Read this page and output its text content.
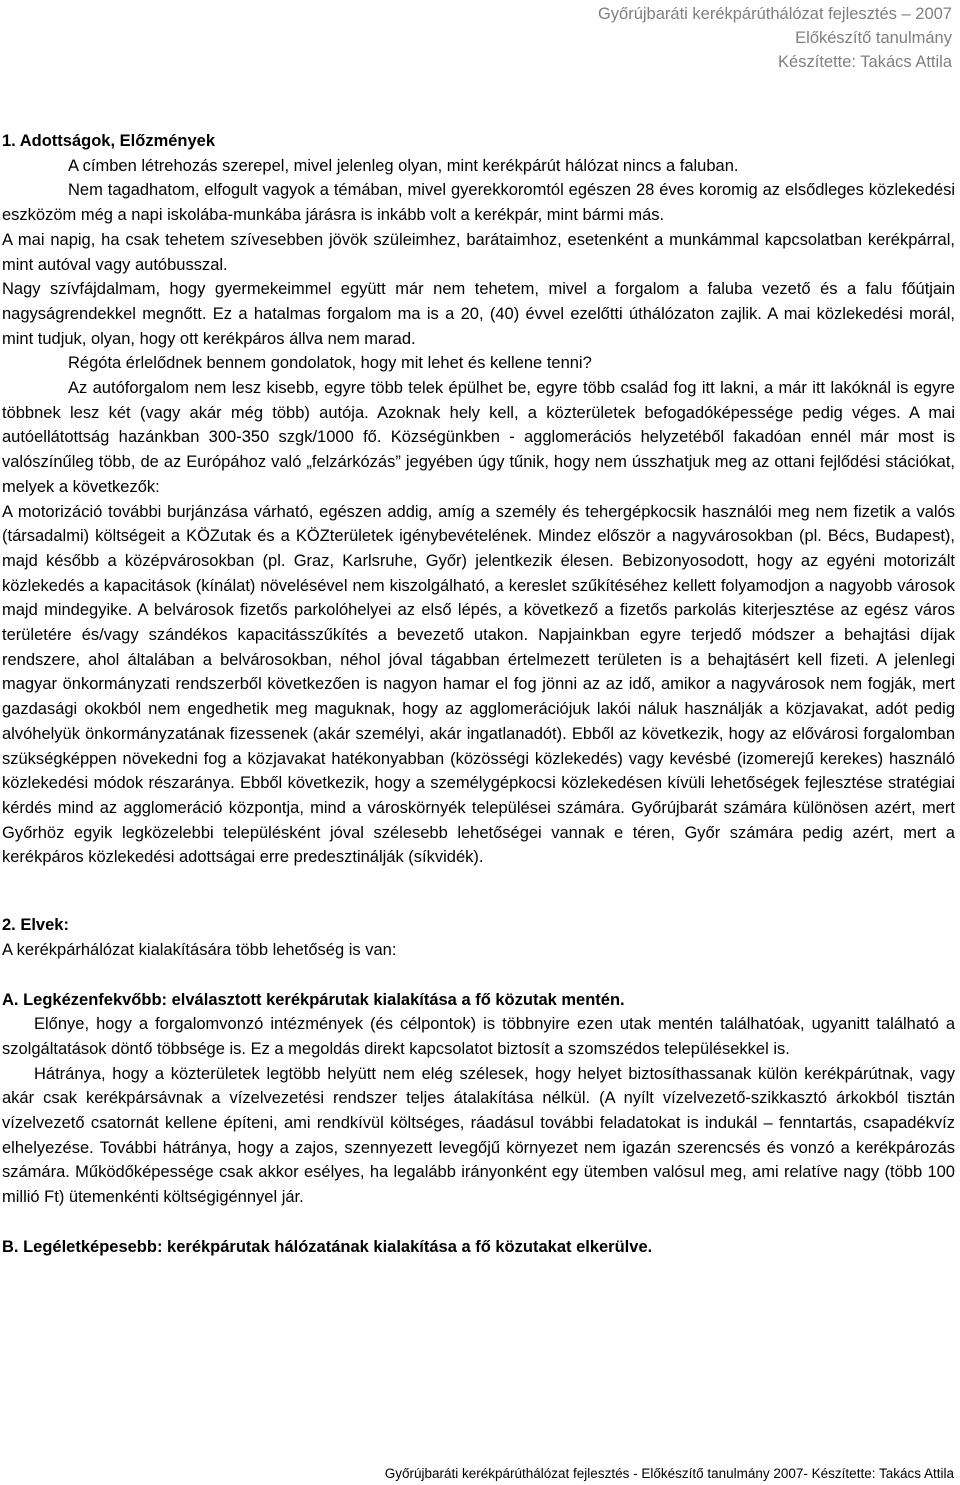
Győrújbaráti kerékpárúthálózat fejlesztés – 2007
Előkészítő tanulmány
Készítette: Takács Attila

1. Adottságok, Előzmények

A címben létrehozás szerepel, mivel jelenleg olyan, mint kerékpárút hálózat nincs a faluban.

Nem tagadhatom, elfogult vagyok a témában, mivel gyerekkoromtól egészen 28 éves koromig az elsődleges közlekedési eszközöm még a napi iskolába-munkába járásra is inkább volt a kerékpár, mint bármi más.

A mai napig, ha csak tehetem szívesebben jövök szüleimhez, barátaimhoz, esetenként a munkámmal kapcsolatban kerékpárral, mint autóval vagy autóbusszal.

Nagy szívfájdalmam, hogy gyermekeimmel együtt már nem tehetem, mivel a forgalom a faluba vezető és a falu főútjain nagyságrendekkel megnőtt. Ez a hatalmas forgalom ma is a 20, (40) évvel ezelőtti úthálózaton zajlik. A mai közlekedési morál, mint tudjuk, olyan, hogy ott kerékpáros állva nem marad.

Régóta érlelődnek bennem gondolatok, hogy mit lehet és kellene tenni?

Az autóforgalom nem lesz kisebb, egyre több telek épülhet be, egyre több család fog itt lakni, a már itt lakóknál is egyre többnek lesz két (vagy akár még több) autója. Azoknak hely kell, a közterületek befogadóképessége pedig véges. A mai autóellátottság hazánkban 300-350 szgk/1000 fő. Községünkben - agglomerációs helyzetéből fakadóan ennél már most is valószínűleg több, de az Európához való „felzárkózás” jegyében úgy tűnik, hogy nem ússzhatjuk meg az ottani fejlődési stációkat, melyek a következők:

A motorizáció további burjánzása várható, egészen addig, amíg a személy és tehergépkocsik használói meg nem fizetik a valós (társadalmi) költségeit a KÖZutak és a KÖZterületek igénybevételének. Mindez először a nagyvárosokban (pl. Bécs, Budapest), majd később a középvárosokban (pl. Graz, Karlsruhe, Győr) jelentkezik élesen. Bebizonyosodott, hogy az egyéni motorizált közlekedés a kapacitások (kínálat) növelésével nem kiszolgálható, a kereslet szűkítéséhez kellett folyamodjon a nagyobb városok majd mindegyike. A belvárosok fizetős parkolóhelyei az első lépés, a következő a fizetős parkolás kiterjesztése az egész város területére és/vagy szándékos kapacitásszűkítés a bevezető utakon. Napjainkban egyre terjedő módszer a behajtási díjak rendszere, ahol általában a belvárosokban, néhol jóval tágabban értelmezett területen is a behajtásért kell fizeti. A jelenlegi magyar önkormányzati rendszerből következően is nagyon hamar el fog jönni az az idő, amikor a nagyvárosok nem fogják, mert gazdasági okokból nem engedhetik meg maguknak, hogy az agglomerációjuk lakói náluk használják a közjavakat, adót pedig alvóhelyük önkormányzatának fizessenek (akár személyi, akár ingatlanadót). Ebből az következik, hogy az elővárosi forgalomban szükségképpen növekedni fog a közjavakat hatékonyabban (közösségi közlekedés) vagy kevésbé (izomerejű kerekes) használó közlekedési módok részaránya. Ebből következik, hogy a személygépkocsi közlekedésen kívüli lehetőségek fejlesztése stratégiai kérdés mind az agglomeráció központja, mind a városkörnyék települései számára. Győrújbarát számára különösen azért, mert Győrhöz egyik legközelebbi településként jóval szélesebb lehetőségei vannak e téren, Győr számára pedig azért, mert a kerékpáros közlekedési adottságai erre predesztinálják (síkvidék).

2. Elvek:

A kerékpárhálózat kialakítására több lehetőség is van:

A. Legkézenfekvőbb: elválasztott kerékpárutak kialakítása a fő közutak mentén.

Előnye, hogy a forgalomvonzó intézmények (és célpontok) is többnyire ezen utak mentén találhatóak, ugyanitt található a szolgáltatások döntő többsége is. Ez a megoldás direkt kapcsolatot biztosít a szomszédos településekkel is.

Hátránya, hogy a közterületek legtöbb helyütt nem elég szélesek, hogy helyet biztosíthassanak külön kerékpárútnak, vagy akár csak kerékpársávnak a vízelvezetési rendszer teljes átalakítása nélkül. (A nyílt vízelvezető-szikkasztó árkokból tisztán vízelvezető csatornát kellene építeni, ami rendkívül költséges, ráadásul további feladatokat is indukál – fenntartás, csapadékvíz elhelyezése. További hátránya, hogy a zajos, szennyezett levegőjű környezet nem igazán szerencsés és vonzó a kerékpározás számára. Működőképessége csak akkor esélyes, ha legalább irányonként egy ütemben valósul meg, ami relatíve nagy (több 100 millió Ft) ütemenkénti költségigénnyel jár.

B. Legéletképesebb: kerékpárutak hálózatának kialakítása a fő közutakat elkerülve.

Győrújbaráti kerékpárúthálózat fejlesztés - Előkészítő tanulmány 2007- Készítette: Takács Attila
